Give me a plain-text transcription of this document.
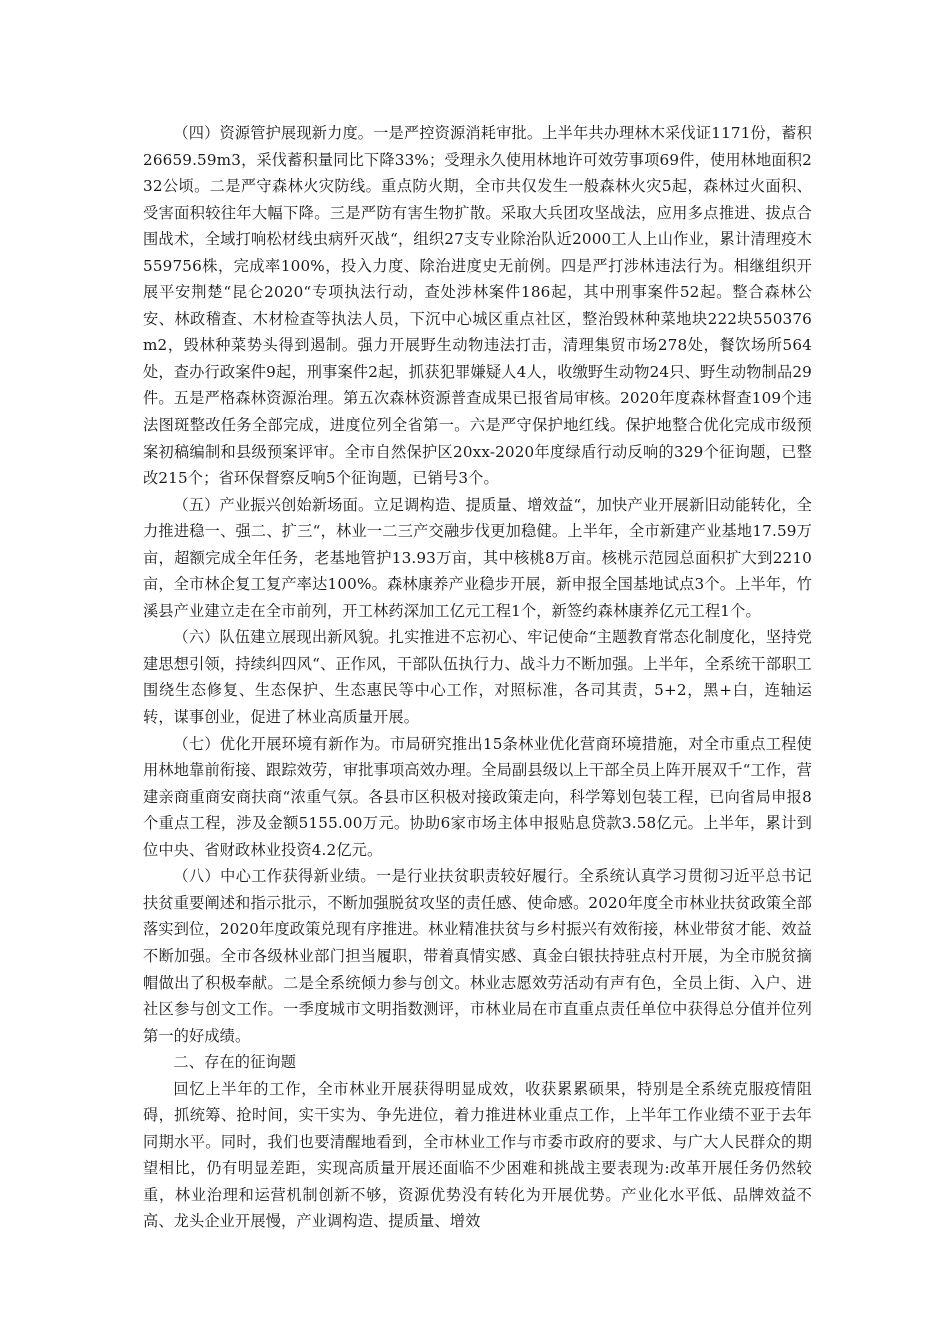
（四）资源管护展现新力度。一是严控资源消耗审批。上半年共办理林木采伐证1171份，蓄积26659.59m3，采伐蓄积量同比下降33%；受理永久使用林地许可效劳事项69件，使用林地面积232公顷。二是严守森林火灾防线。重点防火期，全市共仅发生一般森林火灾5起，森林过火面积、受害面积较往年大幅下降。三是严防有害生物扩散。采取大兵团攻坚战法，应用多点推进、拔点合围战术，全域打响松材线虫病歼灭战“，组织27支专业除治队近2000工人上山作业，累计清理疫木559756株，完成率100%，投入力度、除治进度史无前例。四是严打涉林违法行为。相继组织开展平安荆楚“昆仑2020“专项执法行动，查处涉林案件186起，其中刑事案件52起。整合森林公安、林政稽查、木材检查等执法人员，下沉中心城区重点社区，整治毁林种菜地块222块550376m2，毁林种菜势头得到遏制。强力开展野生动物违法打击，清理集贸市场278处，餐饮场所564处，查办行政案件9起，刑事案件2起，抓获犯罪嫌疑人4人，收缴野生动物24只、野生动物制品29件。五是严格森林资源治理。第五次森林资源普查成果已报省局审核。2020年度森林督查109个违法图斑整改任务全部完成，进度位列全省第一。六是严守保护地红线。保护地整合优化完成市级预案初稿编制和县级预案评审。全市自然保护区20xx-2020年度绿盾行动反响的329个征询题，已整改215个；省环保督察反响5个征询题，已销号3个。

（五）产业振兴创始新场面。立足调构造、提质量、增效益“，加快产业开展新旧动能转化，全力推进稳一、强二、扩三“，林业一二三产交融步伐更加稳健。上半年，全市新建产业基地17.59万亩，超额完成全年任务，老基地管护13.93万亩，其中核桃8万亩。核桃示范园总面积扩大到2210亩，全市林企复工复产率达100%。森林康养产业稳步开展，新申报全国基地试点3个。上半年，竹溪县产业建立走在全市前列，开工林药深加工亿元工程1个，新签约森林康养亿元工程1个。

（六）队伍建立展现出新风貌。扎实推进不忘初心、牢记使命“主题教育常态化制度化，坚持党建思想引领，持续纠四风“、正作风，干部队伍执行力、战斗力不断加强。上半年，全系统干部职工围绕生态修复、生态保护、生态惠民等中心工作，对照标准，各司其责，5+2，黑+白，连轴运转，谋事创业，促进了林业高质量开展。

（七）优化开展环境有新作为。市局研究推出15条林业优化营商环境措施，对全市重点工程使用林地靠前衔接、跟踪效劳，审批事项高效办理。全局副县级以上干部全员上阵开展双千“工作，营建亲商重商安商扶商“浓重气氛。各县市区积极对接政策走向，科学筹划包装工程，已向省局申报8个重点工程，涉及金额5155.00万元。协助6家市场主体申报贴息贷款3.58亿元。上半年，累计到位中央、省财政林业投资4.2亿元。

（八）中心工作获得新业绩。一是行业扶贫职责较好履行。全系统认真学习贯彻习近平总书记扶贫重要阐述和指示批示，不断加强脱贫攻坚的责任感、使命感。2020年度全市林业扶贫政策全部落实到位，2020年度政策兑现有序推进。林业精准扶贫与乡村振兴有效衔接，林业带贫才能、效益不断加强。全市各级林业部门担当履职，带着真情实感、真金白银扶持驻点村开展，为全市脱贫摘帽做出了积极奉献。二是全系统倾力参与创文。林业志愿效劳活动有声有色，全员上街、入户、进社区参与创文工作。一季度城市文明指数测评，市林业局在市直重点责任单位中获得总分值并位列第一的好成绩。

二、存在的征询题

回忆上半年的工作，全市林业开展获得明显成效，收获累累硕果，特别是全系统克服疫情阻碍，抓统筹、抢时间，实干实为、争先进位，着力推进林业重点工作，上半年工作业绩不亚于去年同期水平。同时，我们也要清醒地看到，全市林业工作与市委市政府的要求、与广大人民群众的期望相比，仍有明显差距，实现高质量开展还面临不少困难和挑战主要表现为:改革开展任务仍然较重，林业治理和运营机制创新不够，资源优势没有转化为开展优势。产业化水平低、品牌效益不高、龙头企业开展慢，产业调构造、提质量、增效
